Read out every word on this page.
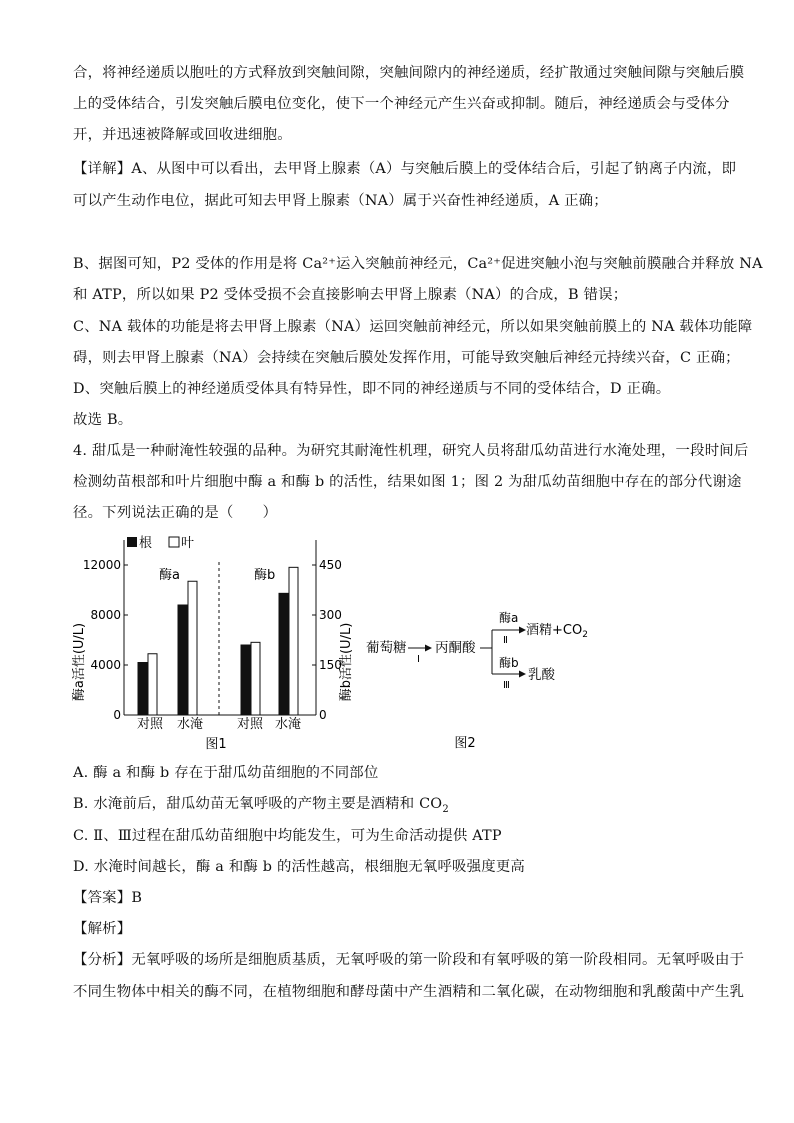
合，将神经递质以胞吐的方式释放到突触间隙，突触间隙内的神经递质，经扩散通过突触间隙与突触后膜
上的受体结合，引发突触后膜电位变化，使下一个神经元产生兴奋或抑制。随后，神经递质会与受体分
开，并迅速被降解或回收进细胞。
【详解】A、从图中可以看出，去甲肾上腺素（A）与突触后膜上的受体结合后，引起了钠离子内流，即
可以产生动作电位，据此可知去甲肾上腺素（NA）属于兴奋性神经递质，A 正确；
B、据图可知，P2 受体的作用是将 Ca²⁺运入突触前神经元，Ca²⁺促进突触小泡与突触前膜融合并释放 NA
和 ATP，所以如果 P2 受体受损不会直接影响去甲肾上腺素（NA）的合成，B 错误；
C、NA 载体的功能是将去甲肾上腺素（NA）运回突触前神经元，所以如果突触前膜上的 NA 载体功能障
碍，则去甲肾上腺素（NA）会持续在突触后膜处发挥作用，可能导致突触后神经元持续兴奋，C 正确；
D、突触后膜上的神经递质受体具有特异性，即不同的神经递质与不同的受体结合，D 正确。
故选 B。
4. 甜瓜是一种耐淹性较强的品种。为研究其耐淹性机理，研究人员将甜瓜幼苗进行水淹处理，一段时间后
检测幼苗根部和叶片细胞中酶 a 和酶 b 的活性，结果如图 1；图 2 为甜瓜幼苗细胞中存在的部分代谢途
径。下列说法正确的是（　　）
0
4000
8000
12000
0
150
300
450
根 叶
酶a	酶b
酶a活性(U/L)	酶b活性(U/L)
对照 水淹	对照 水淹
图1
葡萄糖
Ⅰ
丙酮酸
酶a
Ⅱ
酶b
Ⅲ
酒精$+CO_2$
乳酸
图2
A. 酶 a 和酶 b 存在于甜瓜幼苗细胞的不同部位
B. 水淹前后，甜瓜幼苗无氧呼吸的产物主要是酒精和 $CO_2$
C. Ⅱ、Ⅲ过程在甜瓜幼苗细胞中均能发生，可为生命活动提供 ATP
D. 水淹时间越长，酶 a 和酶 b 的活性越高，根细胞无氧呼吸强度更高
【答案】B
【解析】
【分析】无氧呼吸的场所是细胞质基质，无氧呼吸的第一阶段和有氧呼吸的第一阶段相同。无氧呼吸由于
不同生物体中相关的酶不同，在植物细胞和酵母菌中产生酒精和二氧化碳，在动物细胞和乳酸菌中产生乳
